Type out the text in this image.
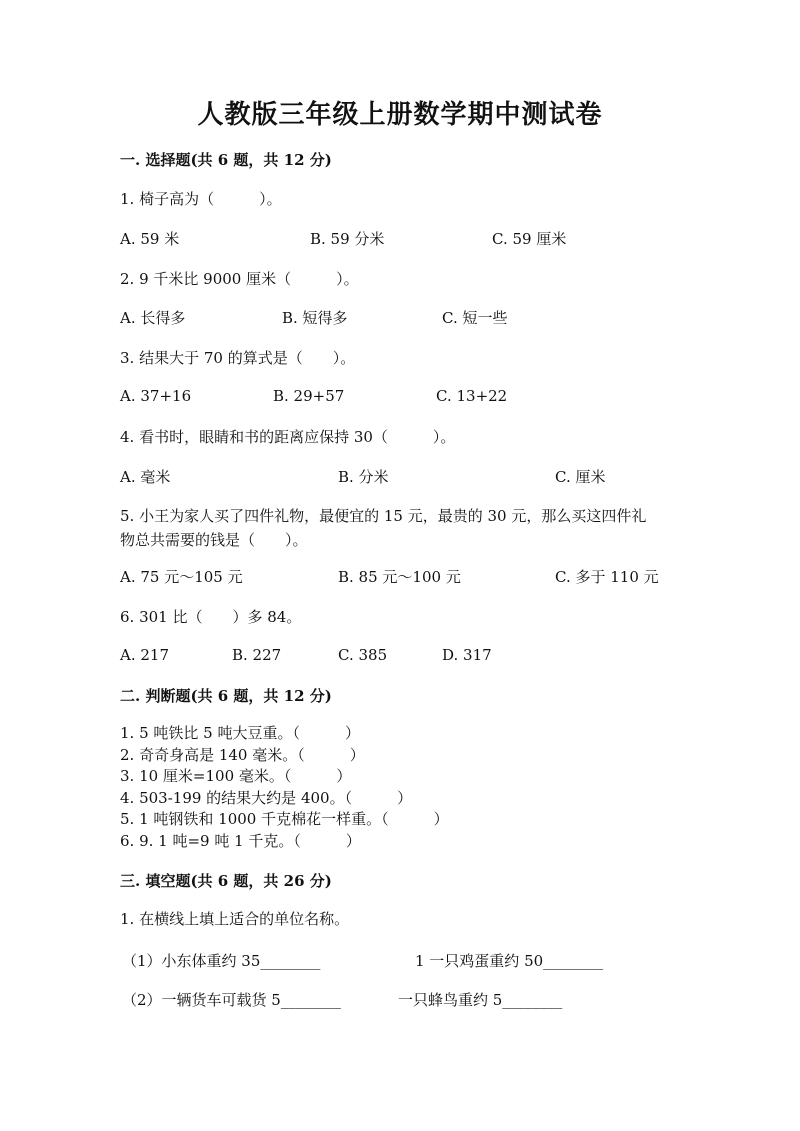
人教版三年级上册数学期中测试卷
一. 选择题(共 6 题，共 12 分)
1. 椅子高为（　　　）。
A. 59 米	B. 59 分米	C. 59 厘米
2. 9 千米比 9000 厘米（　　　）。
A. 长得多	B. 短得多	C. 短一些
3. 结果大于 70 的算式是（　　）。
A. 37+16	B. 29+57	C. 13+22
4. 看书时，眼睛和书的距离应保持 30（　　　）。
A. 毫米	B. 分米	C. 厘米
5. 小王为家人买了四件礼物，最便宜的 15 元，最贵的 30 元，那么买这四件礼物总共需要的钱是（　　）。
A. 75 元～105 元	B. 85 元～100 元	C. 多于 110 元
6. 301 比（　　）多 84。
A. 217	B. 227	C. 385	D. 317
二. 判断题(共 6 题，共 12 分)
1. 5 吨铁比 5 吨大豆重。（　　　）
2. 奇奇身高是 140 毫米。（　　　）
3. 10 厘米=100 毫米。（　　　）
4. 503-199 的结果大约是 400。（　　　）
5. 1 吨钢铁和 1000 千克棉花一样重。（　　　）
6. 9. 1 吨=9 吨 1 千克。（　　　）
三. 填空题(共 6 题，共 26 分)
1. 在横线上填上适合的单位名称。
（1）小东体重约 35________	1 一只鸡蛋重约 50________
（2）一辆货车可载货 5________	一只蜂鸟重约 5________
